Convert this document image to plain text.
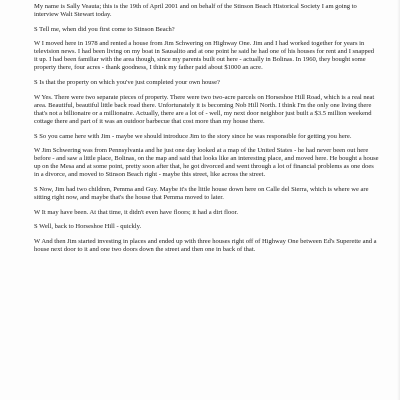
My name is Sally Veauta; this is the 19th of April 2001 and on behalf of the Stinson Beach Historical Society I am going to interview Walt Stewart today.

S Tell me, when did you first come to Stinson Beach?

W I moved here in 1978 and rented a house from Jim Schwering on Highway One. Jim and I had worked together for years in television news. I had been living on my boat in Sausalito and at one point he said he had one of his houses for rent and I snapped it up. I had been familiar with the area though, since my parents built out here - actually in Bolinas. In 1960, they bought some property there, four acres - thank goodness, I think my father paid about $1000 an acre.

S Is that the property on which you've just completed your own house?

W Yes. There were two separate pieces of property. There were two two-acre parcels on Horseshoe Hill Road, which is a real neat area. Beautiful, beautiful little back road there. Unfortunately it is becoming Nob Hill North. I think I'm the only one living there that's not a billionaire or a millionaire. Actually, there are a lot of - well, my next door neighbor just built a $3.5 million weekend cottage there and part of it was an outdoor barbecue that cost more than my house there.

S So you came here with Jim - maybe we should introduce Jim to the story since he was responsible for getting you here.

W Jim Schwering was from Pennsylvania and he just one day looked at a map of the United States - he had never been out here before - and saw a little place, Bolinas, on the map and said that looks like an interesting place, and moved here. He bought a house up on the Mesa and at some point, pretty soon after that, he got divorced and went through a lot of financial problems as one does in a divorce, and moved to Stinson Beach right - maybe this street, like across the street.

S Now, Jim had two children, Pemma and Guy. Maybe it's the little house down here on Calle del Sierra, which is where we are sitting right now, and maybe that's the house that Pemma moved to later.

W It may have been. At that time, it didn't even have floors; it had a dirt floor.

S Well, back to Horseshoe Hill - quickly.

W And then Jim started investing in places and ended up with three houses right off of Highway One between Ed's Superette and a house next door to it and one two doors down the street and then one in back of that.
